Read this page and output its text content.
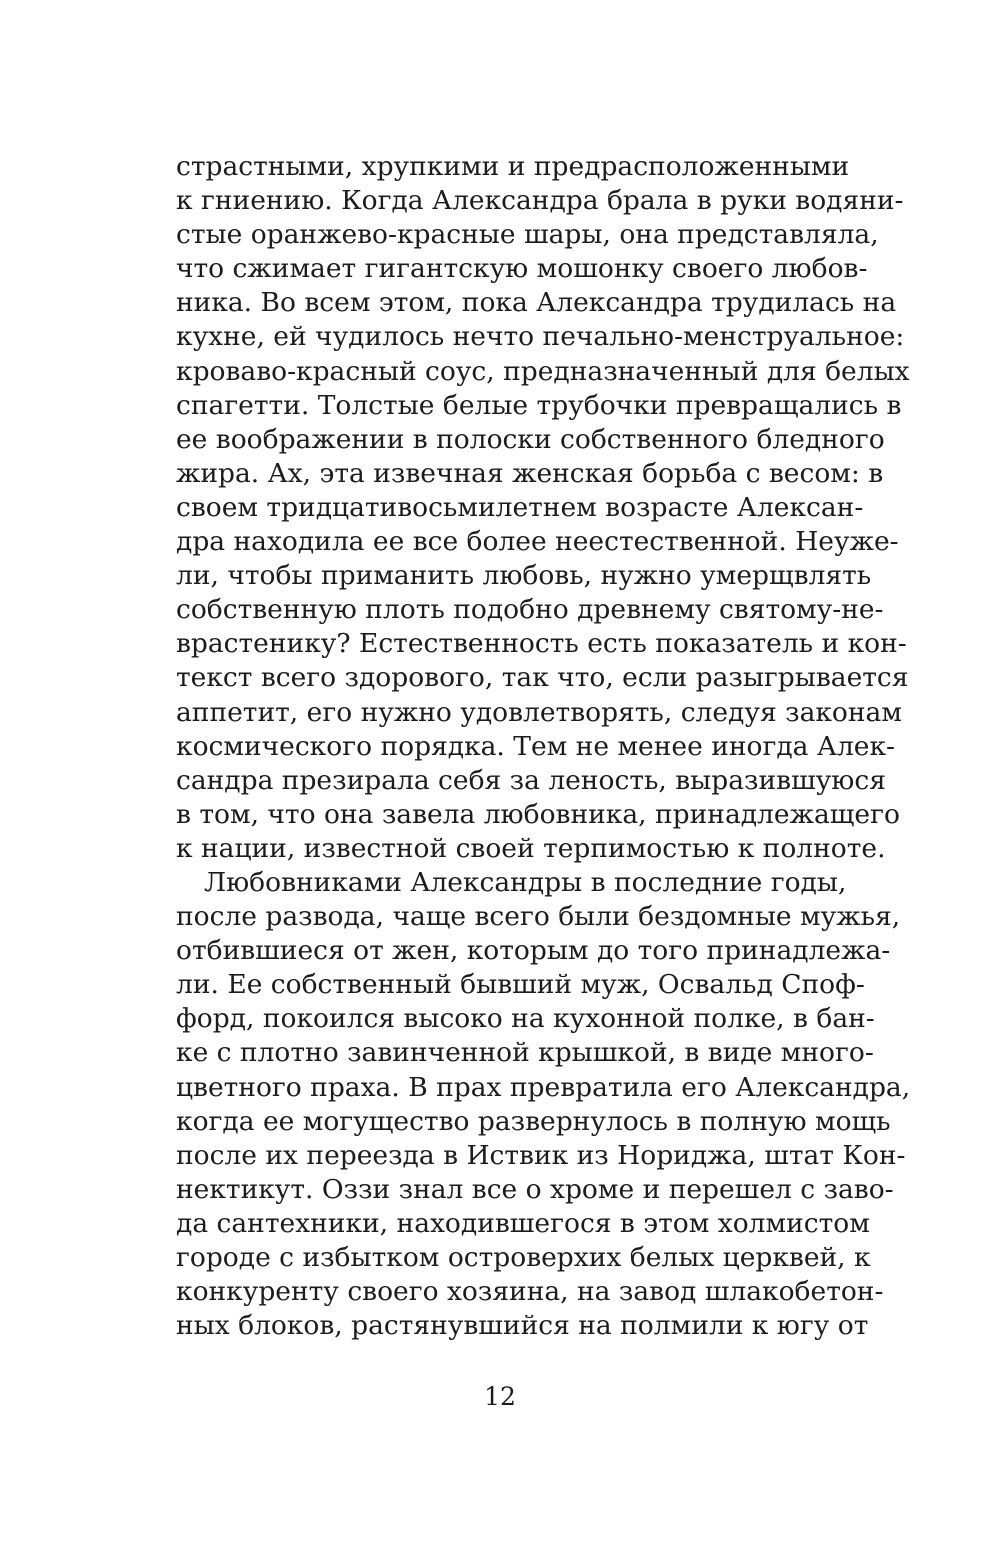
страстными, хрупкими и предрасположенными
к гниению. Когда Александра брала в руки водяни-
стые оранжево-красные шары, она представляла,
что сжимает гигантскую мошонку своего любов-
ника. Во всем этом, пока Александра трудилась на
кухне, ей чудилось нечто печально-менструальное:
кроваво-красный соус, предназначенный для белых
спагетти. Толстые белые трубочки превращались в
ее воображении в полоски собственного бледного
жира. Ах, эта извечная женская борьба с весом: в
своем тридцативосьмилетнем возрасте Алексан-
дра находила ее все более неестественной. Неуже-
ли, чтобы приманить любовь, нужно умерщвлять
собственную плоть подобно древнему святому-не-
врастенику? Естественность есть показатель и кон-
текст всего здорового, так что, если разыгрывается
аппетит, его нужно удовлетворять, следуя законам
космического порядка. Тем не менее иногда Алек-
сандра презирала себя за леность, выразившуюся
в том, что она завела любовника, принадлежащего
к нации, известной своей терпимостью к полноте.
Любовниками Александры в последние годы,
после развода, чаще всего были бездомные мужья,
отбившиеся от жен, которым до того принадлежа-
ли. Ее собственный бывший муж, Освальд Споф-
форд, покоился высоко на кухонной полке, в бан-
ке с плотно завинченной крышкой, в виде много-
цветного праха. В прах превратила его Александра,
когда ее могущество развернулось в полную мощь
после их переезда в Иствик из Нориджа, штат Кон-
нектикут. Оззи знал все о хроме и перешел с заво-
да сантехники, находившегося в этом холмистом
городе с избытком островерхих белых церквей, к
конкуренту своего хозяина, на завод шлакобетон-
ных блоков, растянувшийся на полмили к югу от
12
